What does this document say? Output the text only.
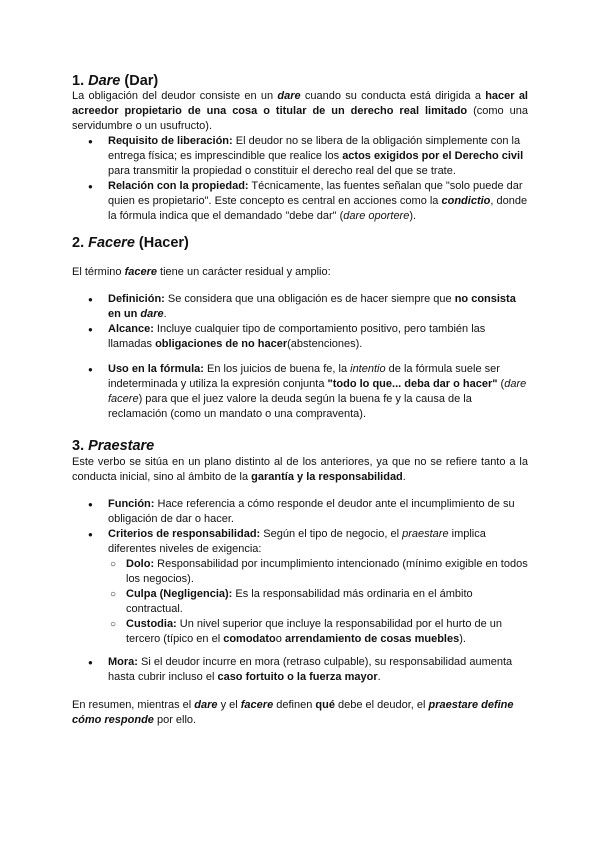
1. Dare (Dar)

La obligación del deudor consiste en un dare cuando su conducta está dirigida a hacer al acreedor propietario de una cosa o titular de un derecho real limitado (como una servidumbre o un usufructo).

● Requisito de liberación: El deudor no se libera de la obligación simplemente con la entrega física; es imprescindible que realice los actos exigidos por el Derecho civil para transmitir la propiedad o constituir el derecho real del que se trate.
● Relación con la propiedad: Técnicamente, las fuentes señalan que "solo puede dar quien es propietario". Este concepto es central en acciones como la condictio, donde la fórmula indica que el demandado "debe dar" (dare oportere).
2. Facere (Hacer)

El término facere tiene un carácter residual y amplio:

● Definición: Se considera que una obligación es de hacer siempre que no consista en un dare.
● Alcance: Incluye cualquier tipo de comportamiento positivo, pero también las llamadas obligaciones de no hacer(abstenciones).
● Uso en la fórmula: En los juicios de buena fe, la intentio de la fórmula suele ser indeterminada y utiliza la expresión conjunta "todo lo que... deba dar o hacer" (dare facere) para que el juez valore la deuda según la buena fe y la causa de la reclamación (como un mandato o una compraventa).
3. Praestare

Este verbo se sitúa en un plano distinto al de los anteriores, ya que no se refiere tanto a la conducta inicial, sino al ámbito de la garantía y la responsabilidad.

● Función: Hace referencia a cómo responde el deudor ante el incumplimiento de su obligación de dar o hacer.
● Criterios de responsabilidad: Según el tipo de negocio, el praestare implica diferentes niveles de exigencia:
○ Dolo: Responsabilidad por incumplimiento intencionado (mínimo exigible en todos los negocios).
○ Culpa (Negligencia): Es la responsabilidad más ordinaria en el ámbito contractual.
○ Custodia: Un nivel superior que incluye la responsabilidad por el hurto de un tercero (típico en el comodatoo arrendamiento de cosas muebles).
● Mora: Si el deudor incurre en mora (retraso culpable), su responsabilidad aumenta hasta cubrir incluso el caso fortuito o la fuerza mayor.

En resumen, mientras el dare y el facere definen qué debe el deudor, el praestare define cómo responde por ello.
